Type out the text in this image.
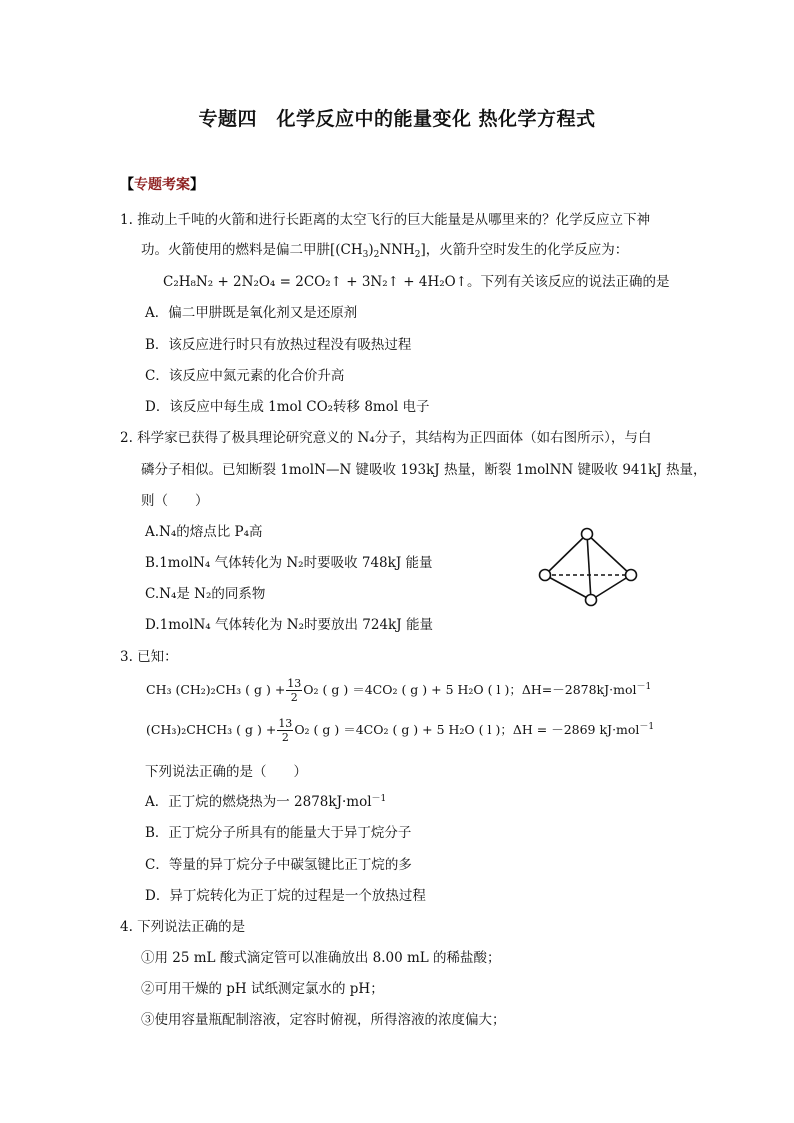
专题四　化学反应中的能量变化 热化学方程式
【专题考案】
1. 推动上千吨的火箭和进行长距离的太空飞行的巨大能量是从哪里来的？化学反应立下神
功。火箭使用的燃料是偏二甲肼$[(CH_3)_2NNH_2]$，火箭升空时发生的化学反应为：
C₂H₈N₂ + 2N₂O₄ = 2CO₂↑ + 3N₂↑ + 4H₂O↑。下列有关该反应的说法正确的是
A．偏二甲肼既是氧化剂又是还原剂
B．该反应进行时只有放热过程没有吸热过程
C．该反应中氮元素的化合价升高
D．该反应中每生成 1mol CO₂转移 8mol 电子
2. 科学家已获得了极具理论研究意义的 N₄分子，其结构为正四面体（如右图所示），与白
磷分子相似。已知断裂 1molN—N 键吸收 193kJ 热量，断裂 1molNN 键吸收 941kJ 热量，
则（　　）
A.N₄的熔点比 P₄高
B.1molN₄ 气体转化为 N₂时要吸收 748kJ 能量
C.N₄是 N₂的同系物
D.1molN₄ 气体转化为 N₂时要放出 724kJ 能量
3. 已知：
CH₃ (CH₂)₂CH₃ ( g ) + $\frac{13}{2} O_2$ ( g ) ＝4CO₂ ( g ) + 5 H₂O ( l )；ΔH=－2878kJ·mol$^{-1}$
(CH₃)₂CHCH₃ ( g ) + $\frac{13}{2} O_2$ ( g ) ＝4CO₂ ( g ) + 5 H₂O ( l )；ΔH = －2869 kJ·mol$^{-1}$
下列说法正确的是（　　）
A．正丁烷的燃烧热为一 2878kJ·mol$^{-1}$
B．正丁烷分子所具有的能量大于异丁烷分子
C．等量的异丁烷分子中碳氢键比正丁烷的多
D．异丁烷转化为正丁烷的过程是一个放热过程
4. 下列说法正确的是
①用 25 mL 酸式滴定管可以准确放出 8.00 mL 的稀盐酸；
②可用干燥的 pH 试纸测定氯水的 pH；
③使用容量瓶配制溶液，定容时俯视，所得溶液的浓度偏大；
